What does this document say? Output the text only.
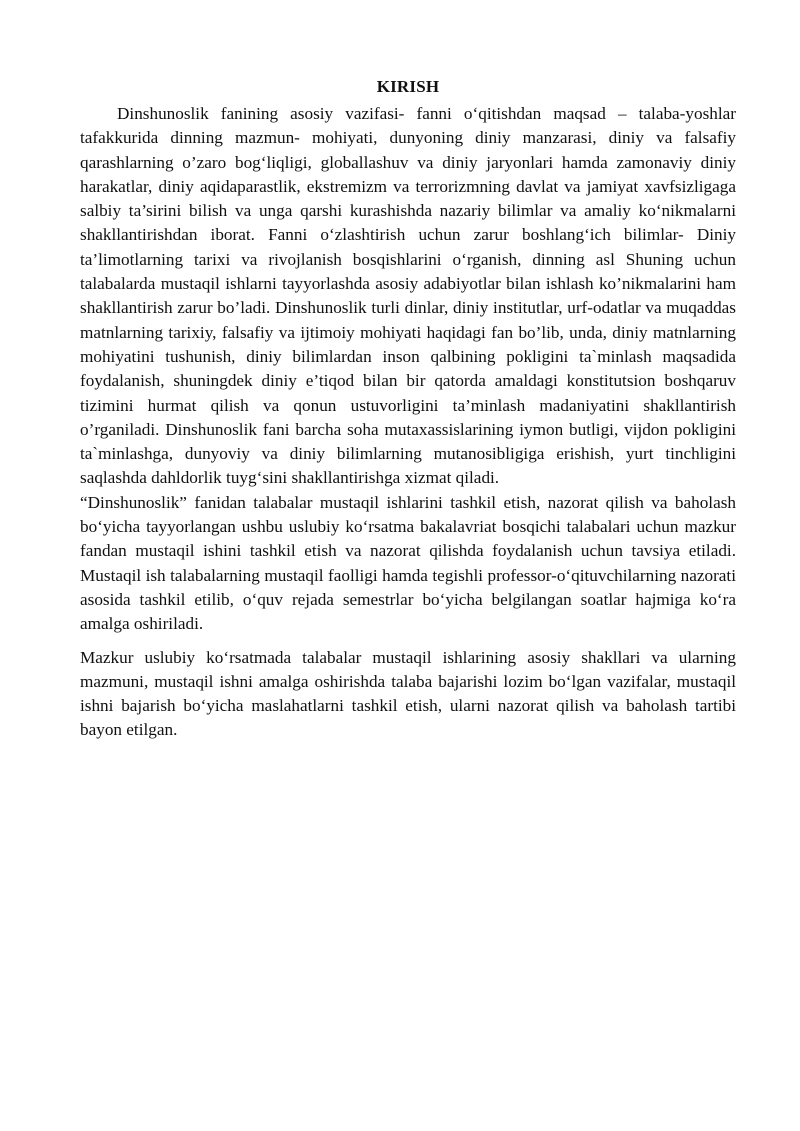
KIRISH

Dinshunoslik fanining asosiy vazifasi- fanni o‘qitishdan maqsad – talaba-yoshlar tafakkurida dinning mazmun- mohiyati, dunyoning diniy manzarasi, diniy va falsafiy qarashlarning o’zaro bog‘liqligi, globallashuv va diniy jaryonlari hamda zamonaviy diniy harakatlar, diniy aqidaparastlik, ekstremizm va terrorizmning davlat va jamiyat xavfsizligaga salbiy ta’sirini bilish va unga qarshi kurashishda nazariy bilimlar va amaliy ko‘nikmalarni shakllantirishdan iborat. Fanni o‘zlashtirish uchun zarur boshlang‘ich bilimlar- Diniy ta’limotlarning tarixi va rivojlanish bosqishlarini o‘rganish, dinning asl Shuning uchun talabalarda mustaqil ishlarni tayyorlashda asosiy adabiyotlar bilan ishlash ko’nikmalarini ham shakllantirish zarur bo’ladi. Dinshunoslik turli dinlar, diniy institutlar, urf-odatlar va muqaddas matnlarning tarixiy, falsafiy va ijtimoiy mohiyati haqidagi fan bo’lib, unda, diniy matnlarning mohiyatini tushunish, diniy bilimlardan inson qalbining pokligini ta`minlash maqsadida foydalanish, shuningdek diniy e’tiqod bilan bir qatorda amaldagi konstitutsion boshqaruv tizimini hurmat qilish va qonun ustuvorligini ta’minlash madaniyatini shakllantirish o’rganiladi. Dinshunoslik fani barcha soha mutaxassislarining iymon butligi, vijdon pokligini ta`minlashga, dunyoviy va diniy bilimlarning mutanosibligiga erishish, yurt tinchligini saqlashda dahldorlik tuyg‘sini shakllantirishga xizmat qiladi.

“Dinshunoslik” fanidan talabalar mustaqil ishlarini tashkil etish, nazorat qilish va baholash bo‘yicha tayyorlangan ushbu uslubiy ko‘rsatma bakalavriat bosqichi talabalari uchun mazkur fandan mustaqil ishini tashkil etish va nazorat qilishda foydalanish uchun tavsiya etiladi. Mustaqil ish talabalarning mustaqil faolligi hamda tegishli professor-o‘qituvchilarning nazorati asosida tashkil etilib, o‘quv rejada semestrlar bo‘yicha belgilangan soatlar hajmiga ko‘ra amalga oshiriladi.

Mazkur uslubiy ko‘rsatmada talabalar mustaqil ishlarining asosiy shakllari va ularning mazmuni, mustaqil ishni amalga oshirishda talaba bajarishi lozim bo‘lgan vazifalar, mustaqil ishni bajarish bo‘yicha maslahatlarni tashkil etish, ularni nazorat qilish va baholash tartibi bayon etilgan.
